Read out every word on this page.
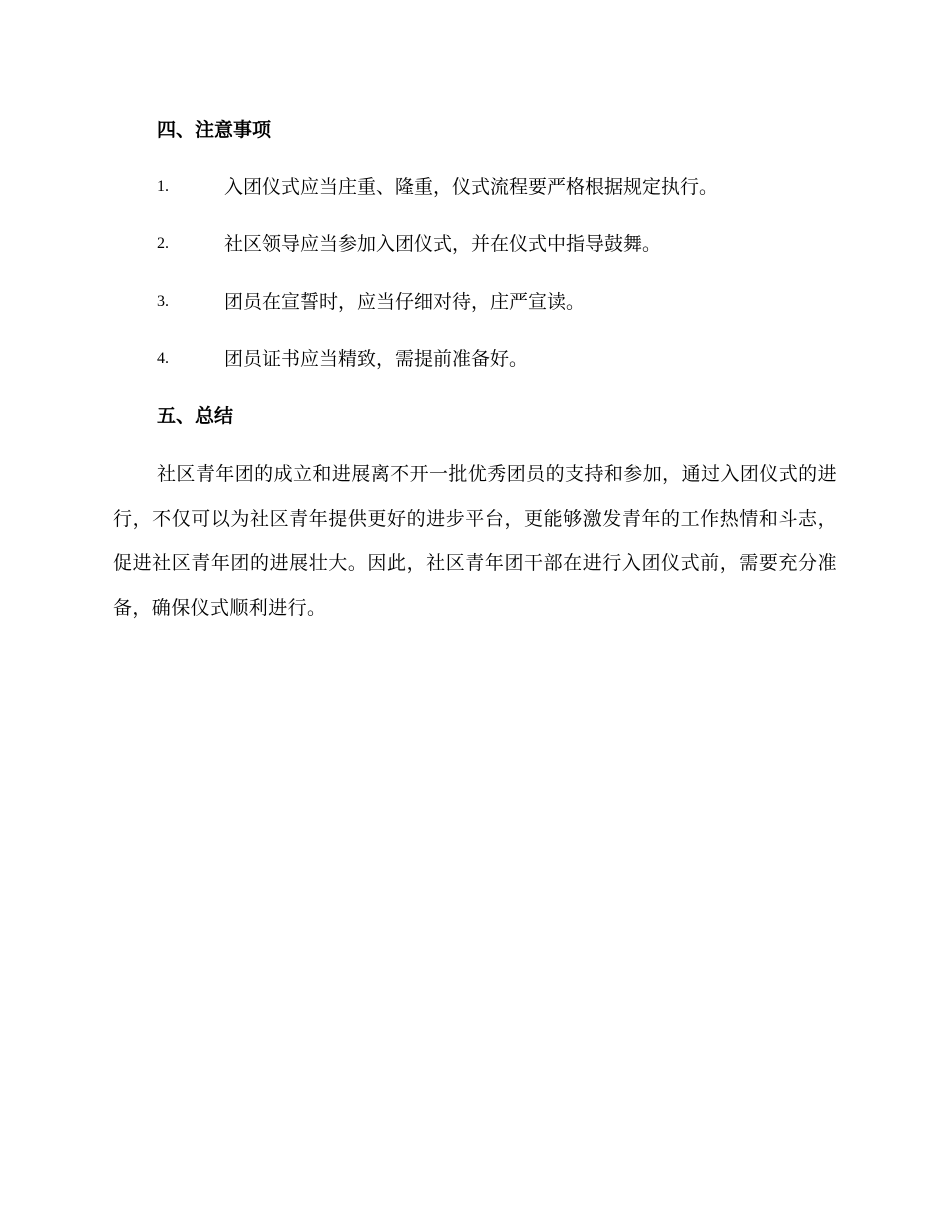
四、注意事项
1.	入团仪式应当庄重、隆重，仪式流程要严格根据规定执行。
2.	社区领导应当参加入团仪式，并在仪式中指导鼓舞。
3.	团员在宣誓时，应当仔细对待，庄严宣读。
4.	团员证书应当精致，需提前准备好。
五、总结

社区青年团的成立和进展离不开一批优秀团员的支持和参加，通过入团仪式的进行，不仅可以为社区青年提供更好的进步平台，更能够激发青年的工作热情和斗志，促进社区青年团的进展壮大。因此，社区青年团干部在进行入团仪式前，需要充分准备，确保仪式顺利进行。
